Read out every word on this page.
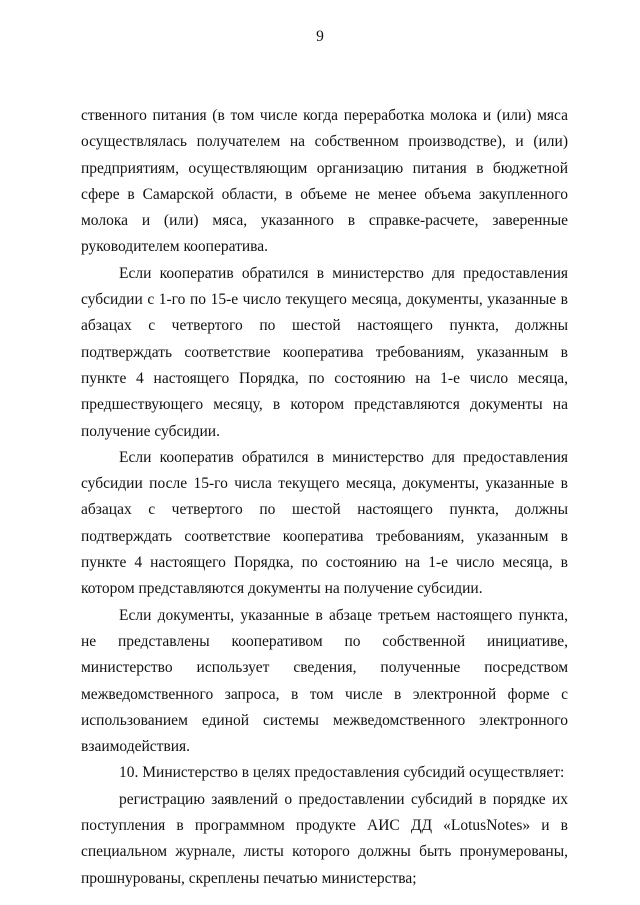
9

ственного питания (в том числе когда переработка молока и (или) мяса осуществлялась получателем на собственном производстве), и (или) предприятиям, осуществляющим организацию питания в бюджетной сфере в Самарской области, в объеме не менее объема закупленного молока и (или) мяса, указанного в справке-расчете, заверенные руководителем кооператива.

Если кооператив обратился в министерство для предоставления субсидии с 1-го по 15-е число текущего месяца, документы, указанные в абзацах с четвертого по шестой настоящего пункта, должны подтверждать соответствие кооператива требованиям, указанным в пункте 4 настоящего Порядка, по состоянию на 1-е число месяца, предшествующего месяцу, в котором представляются документы на получение субсидии.

Если кооператив обратился в министерство для предоставления субсидии после 15-го числа текущего месяца, документы, указанные в абзацах с четвертого по шестой настоящего пункта, должны подтверждать соответствие кооператива требованиям, указанным в пункте 4 настоящего Порядка, по состоянию на 1-е число месяца, в котором представляются документы на получение субсидии.

Если документы, указанные в абзаце третьем настоящего пункта, не представлены кооперативом по собственной инициативе, министерство использует сведения, полученные посредством межведомственного запроса, в том числе в электронной форме с использованием единой системы межведомственного электронного взаимодействия.

10. Министерство в целях предоставления субсидий осуществляет:

регистрацию заявлений о предоставлении субсидий в порядке их поступления в программном продукте АИС ДД «LotusNotes» и в специальном журнале, листы которого должны быть пронумерованы, прошнурованы, скреплены печатью министерства;
